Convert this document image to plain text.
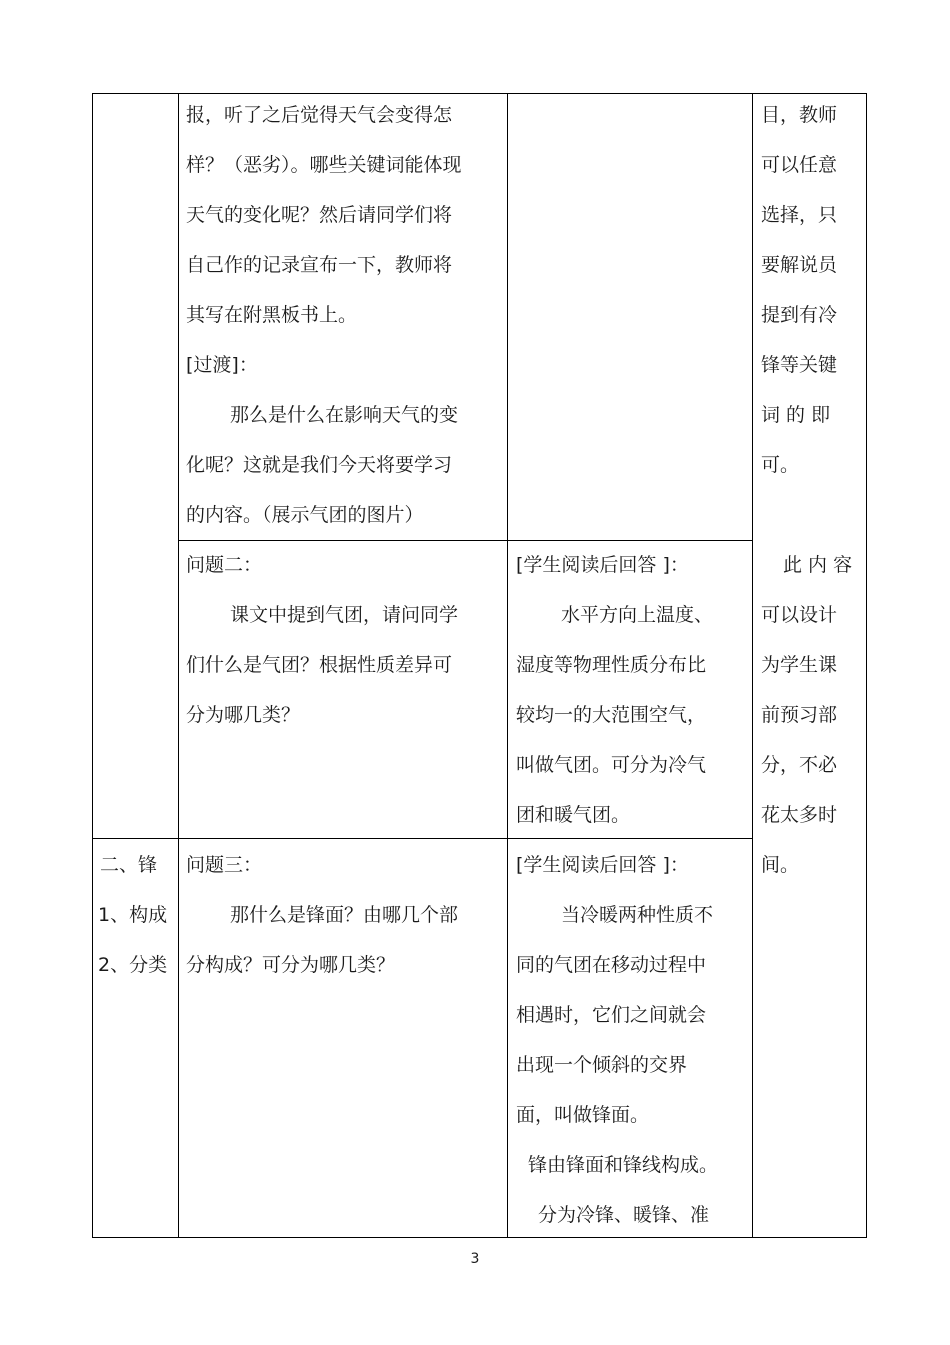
报，听了之后觉得天气会变得怎
样？（恶劣）。哪些关键词能体现
天气的变化呢？然后请同学们将
自己作的记录宣布一下，教师将
其写在附黑板书上。
[过渡]：
那么是什么在影响天气的变
化呢？这就是我们今天将要学习
的内容。（展示气团的图片）
目，教师
可以任意
选择，只
要解说员
提到有冷
锋等关键
词 的 即
可。
问题二：
课文中提到气团，请问同学
们什么是气团？根据性质差异可
分为哪几类？
[学生阅读后回答 ]：
水平方向上温度、
湿度等物理性质分布比
较均一的大范围空气，
叫做气团。可分为冷气
团和暖气团。
此 内 容
可以设计
为学生课
前预习部
分，不必
花太多时
间。
二、锋
1、构成
2、分类
问题三：
那什么是锋面？由哪几个部
分构成？可分为哪几类？
[学生阅读后回答 ]：
当冷暖两种性质不
同的气团在移动过程中
相遇时，它们之间就会
出现一个倾斜的交界
面，叫做锋面。
锋由锋面和锋线构成。
分为冷锋、暖锋、准
3
